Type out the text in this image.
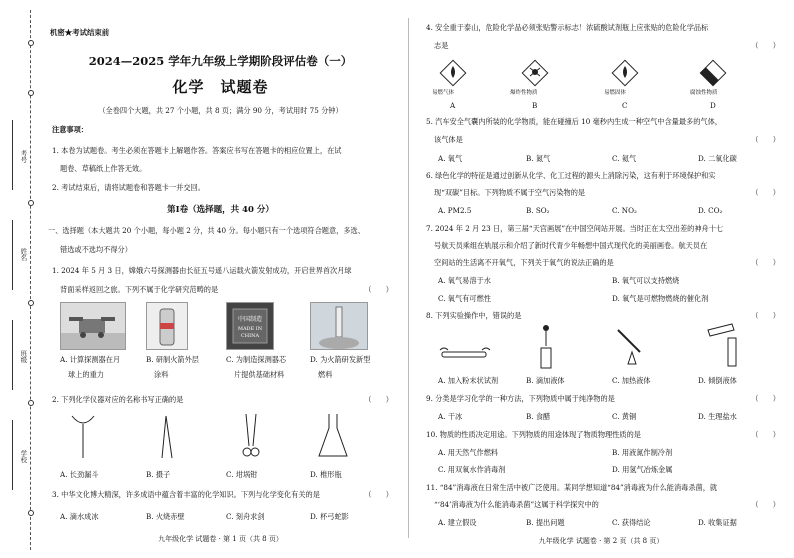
考号
姓名
班级
学校
机密★考试结束前
2024—2025 学年九年级上学期阶段评估卷（一）
化学　试题卷
（全卷四个大题，共 27 个小题，共 8 页；满分 90 分，考试用时 75 分钟）
注意事项：
1. 本卷为试题卷。考生必须在答题卡上解题作答。答案应书写在答题卡的相应位置上，在试
题卷、草稿纸上作答无效。
2. 考试结束后，请将试题卷和答题卡一并交回。
第Ⅰ卷（选择题，共 40 分）
一、选择题（本大题共 20 个小题，每小题 2 分，共 40 分。每小题只有一个选项符合题意，多选、
错选或不选均不得分）
1. 2024 年 5 月 3 日，嫦娥六号探测器由长征五号遥八运载火箭发射成功，开启世界首次月球
背面采样返回之旅。下列不属于化学研究范畴的是	（　　）
中国制造
MADE IN
CHINA
A. 计算探测器在月
球上的重力
B. 研制火箭外层
涂料
C. 为制造探测器芯
片提供基础材料
D. 为火箭研发新型
燃料
2. 下列化学仪器对应的名称书写正确的是	（　　）
A. 长劲漏斗	B. 摄子	C. 坩埚钳	D. 椎形瓶
3. 中华文化博大精深，许多成语中蕴含着丰富的化学知识。下列与化学变化有关的是	（　　）
A. 滴水成冰	B. 火烧赤壁	C. 刻舟求剑	D. 杯弓蛇影
九年级化学 试题卷 · 第 1 页（共 8 页）
4. 安全重于泰山，危险化学品必须张贴警示标志！浓硫酸试剂瓶上应张贴的危险化学品标
志是	（　　）
易燃气体	爆炸性物质	易燃固体	腐蚀性物质
A	B	C	D
5. 汽车安全气囊内所装的化学物质，能在碰撞后 10 毫秒内生成一种空气中含量最多的气体，
该气体是	（　　）
A. 氧气	B. 氮气	C. 氦气	D. 二氧化碳
6. 绿色化学的特征是通过创新从化学、化工过程的源头上消除污染，这有利于环境保护和实
现“双碳”目标。下列物质不属于空气污染物的是	（　　）
A. PM2.5	B. SO₂	C. NO₂	D. CO₂
7. 2024 年 2 月 23 日，第三届“天宫画展”在中国空间站开展。当时正在太空出差的神舟十七
号航天员乘组在轨展示和介绍了新时代青少年畅想中国式现代化的美丽画卷。航天员在
空间站的生活离不开氧气，下列关于氧气的说法正确的是	（　　）
A. 氧气易溶于水	B. 氧气可以支持燃烧
C. 氧气有可燃性	D. 氧气是可燃物燃烧的催化剂
8. 下列实验操作中，错误的是	（　　）
A. 加入粉末状试剂	B. 滴加液体	C. 加热液体	D. 倾倒液体
9. 分类是学习化学的一种方法，下列物质中属于纯净物的是	（　　）
A. 干冰	B. 食醋	C. 黄铜	D. 生理盐水
10. 物质的性质决定用途。下列物质的用途体现了物质物理性质的是	（　　）
A. 用天然气作燃料	B. 用液氮作制冷剂
C. 用双氧水作消毒剂	D. 用氢气冶炼金属
11. “84”消毒液在日常生活中被广泛使用。某同学想知道“84”消毒液为什么能消毒杀菌，就
“‘84’消毒液为什么能消毒杀菌”这属于科学探究中的	（　　）
A. 建立假设	B. 提出问题	C. 获得结论	D. 收集证据
九年级化学 试题卷 · 第 2 页（共 8 页）
